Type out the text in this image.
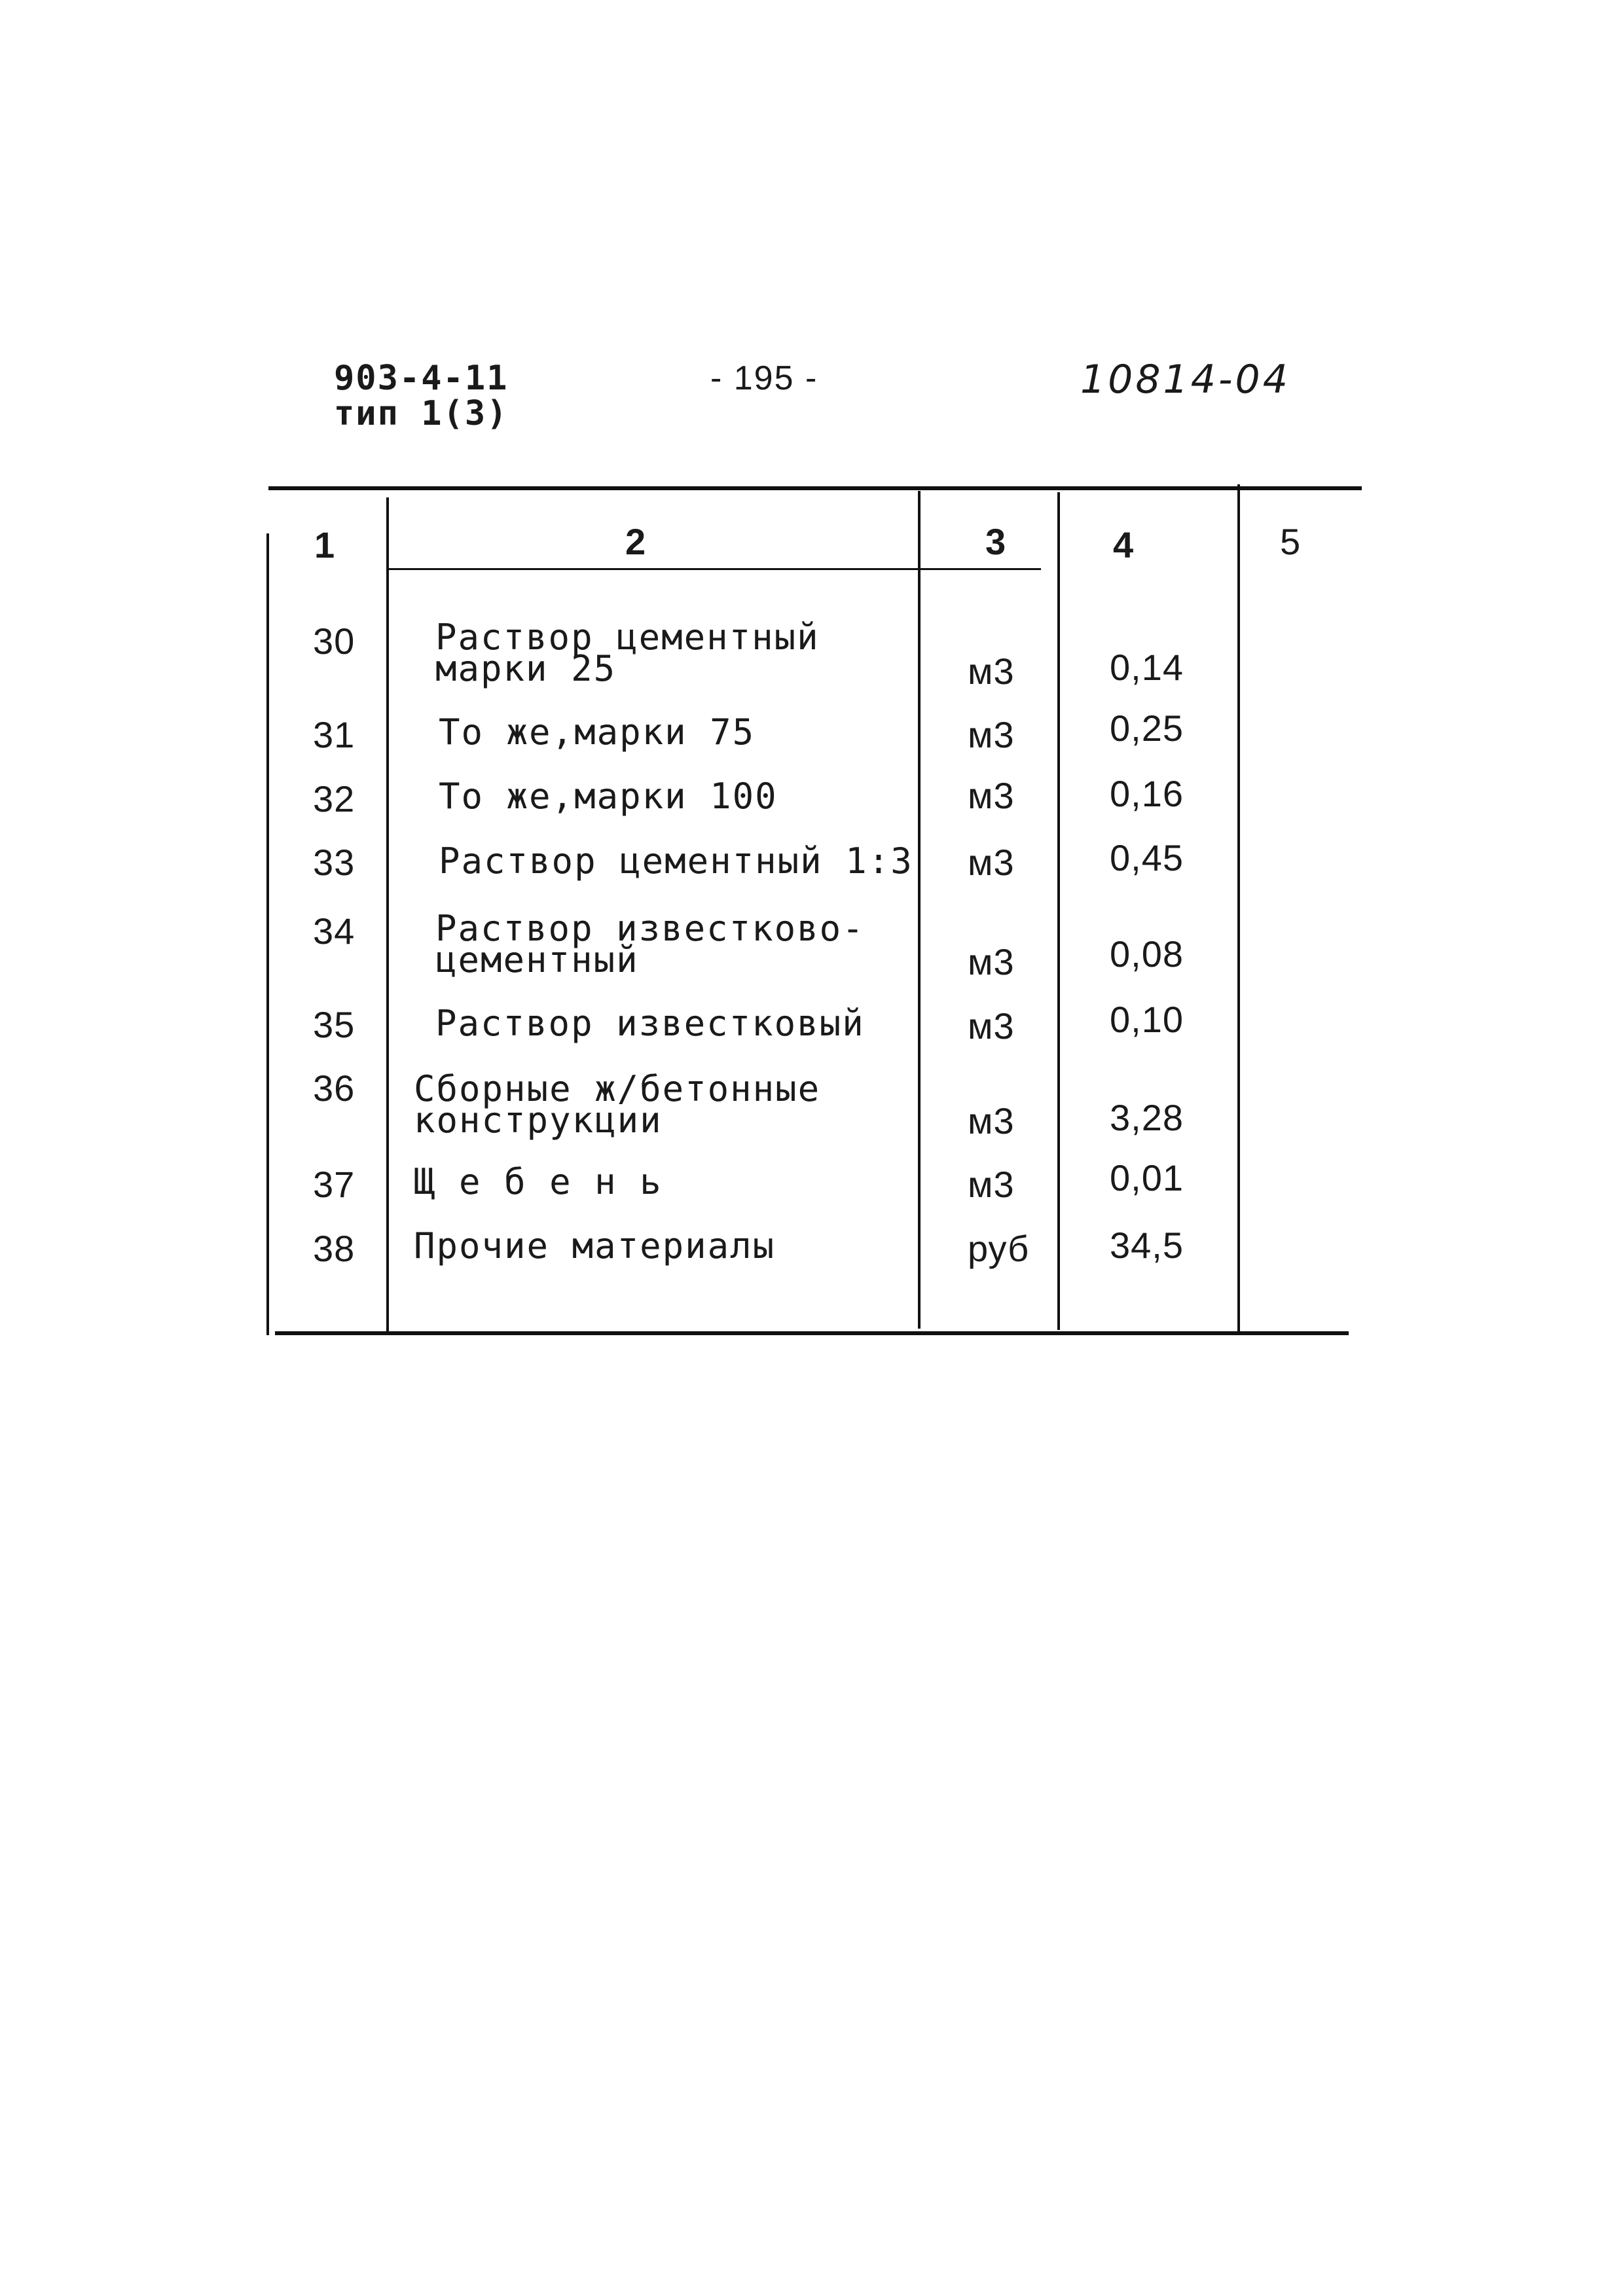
903-4-11
тип 1(3)
- 195 -	10814-04
1	2	3	4	5
30 Раствор цементный
марки 25	м3	0,14
31 То же,марки 75	м3	0,25
32 То же,марки 100	м3	0,16
33 Раствор цементный 1:3 м3	0,45
34 Раствор известково-
цементный	м3	0,08
35 Раствор известковый	м3	0,10
36 Сборные ж/бетонные
конструкции	м3	3,28
37 Щ е б е н ь	м3	0,01
38 Прочие материалы	руб 34,5
